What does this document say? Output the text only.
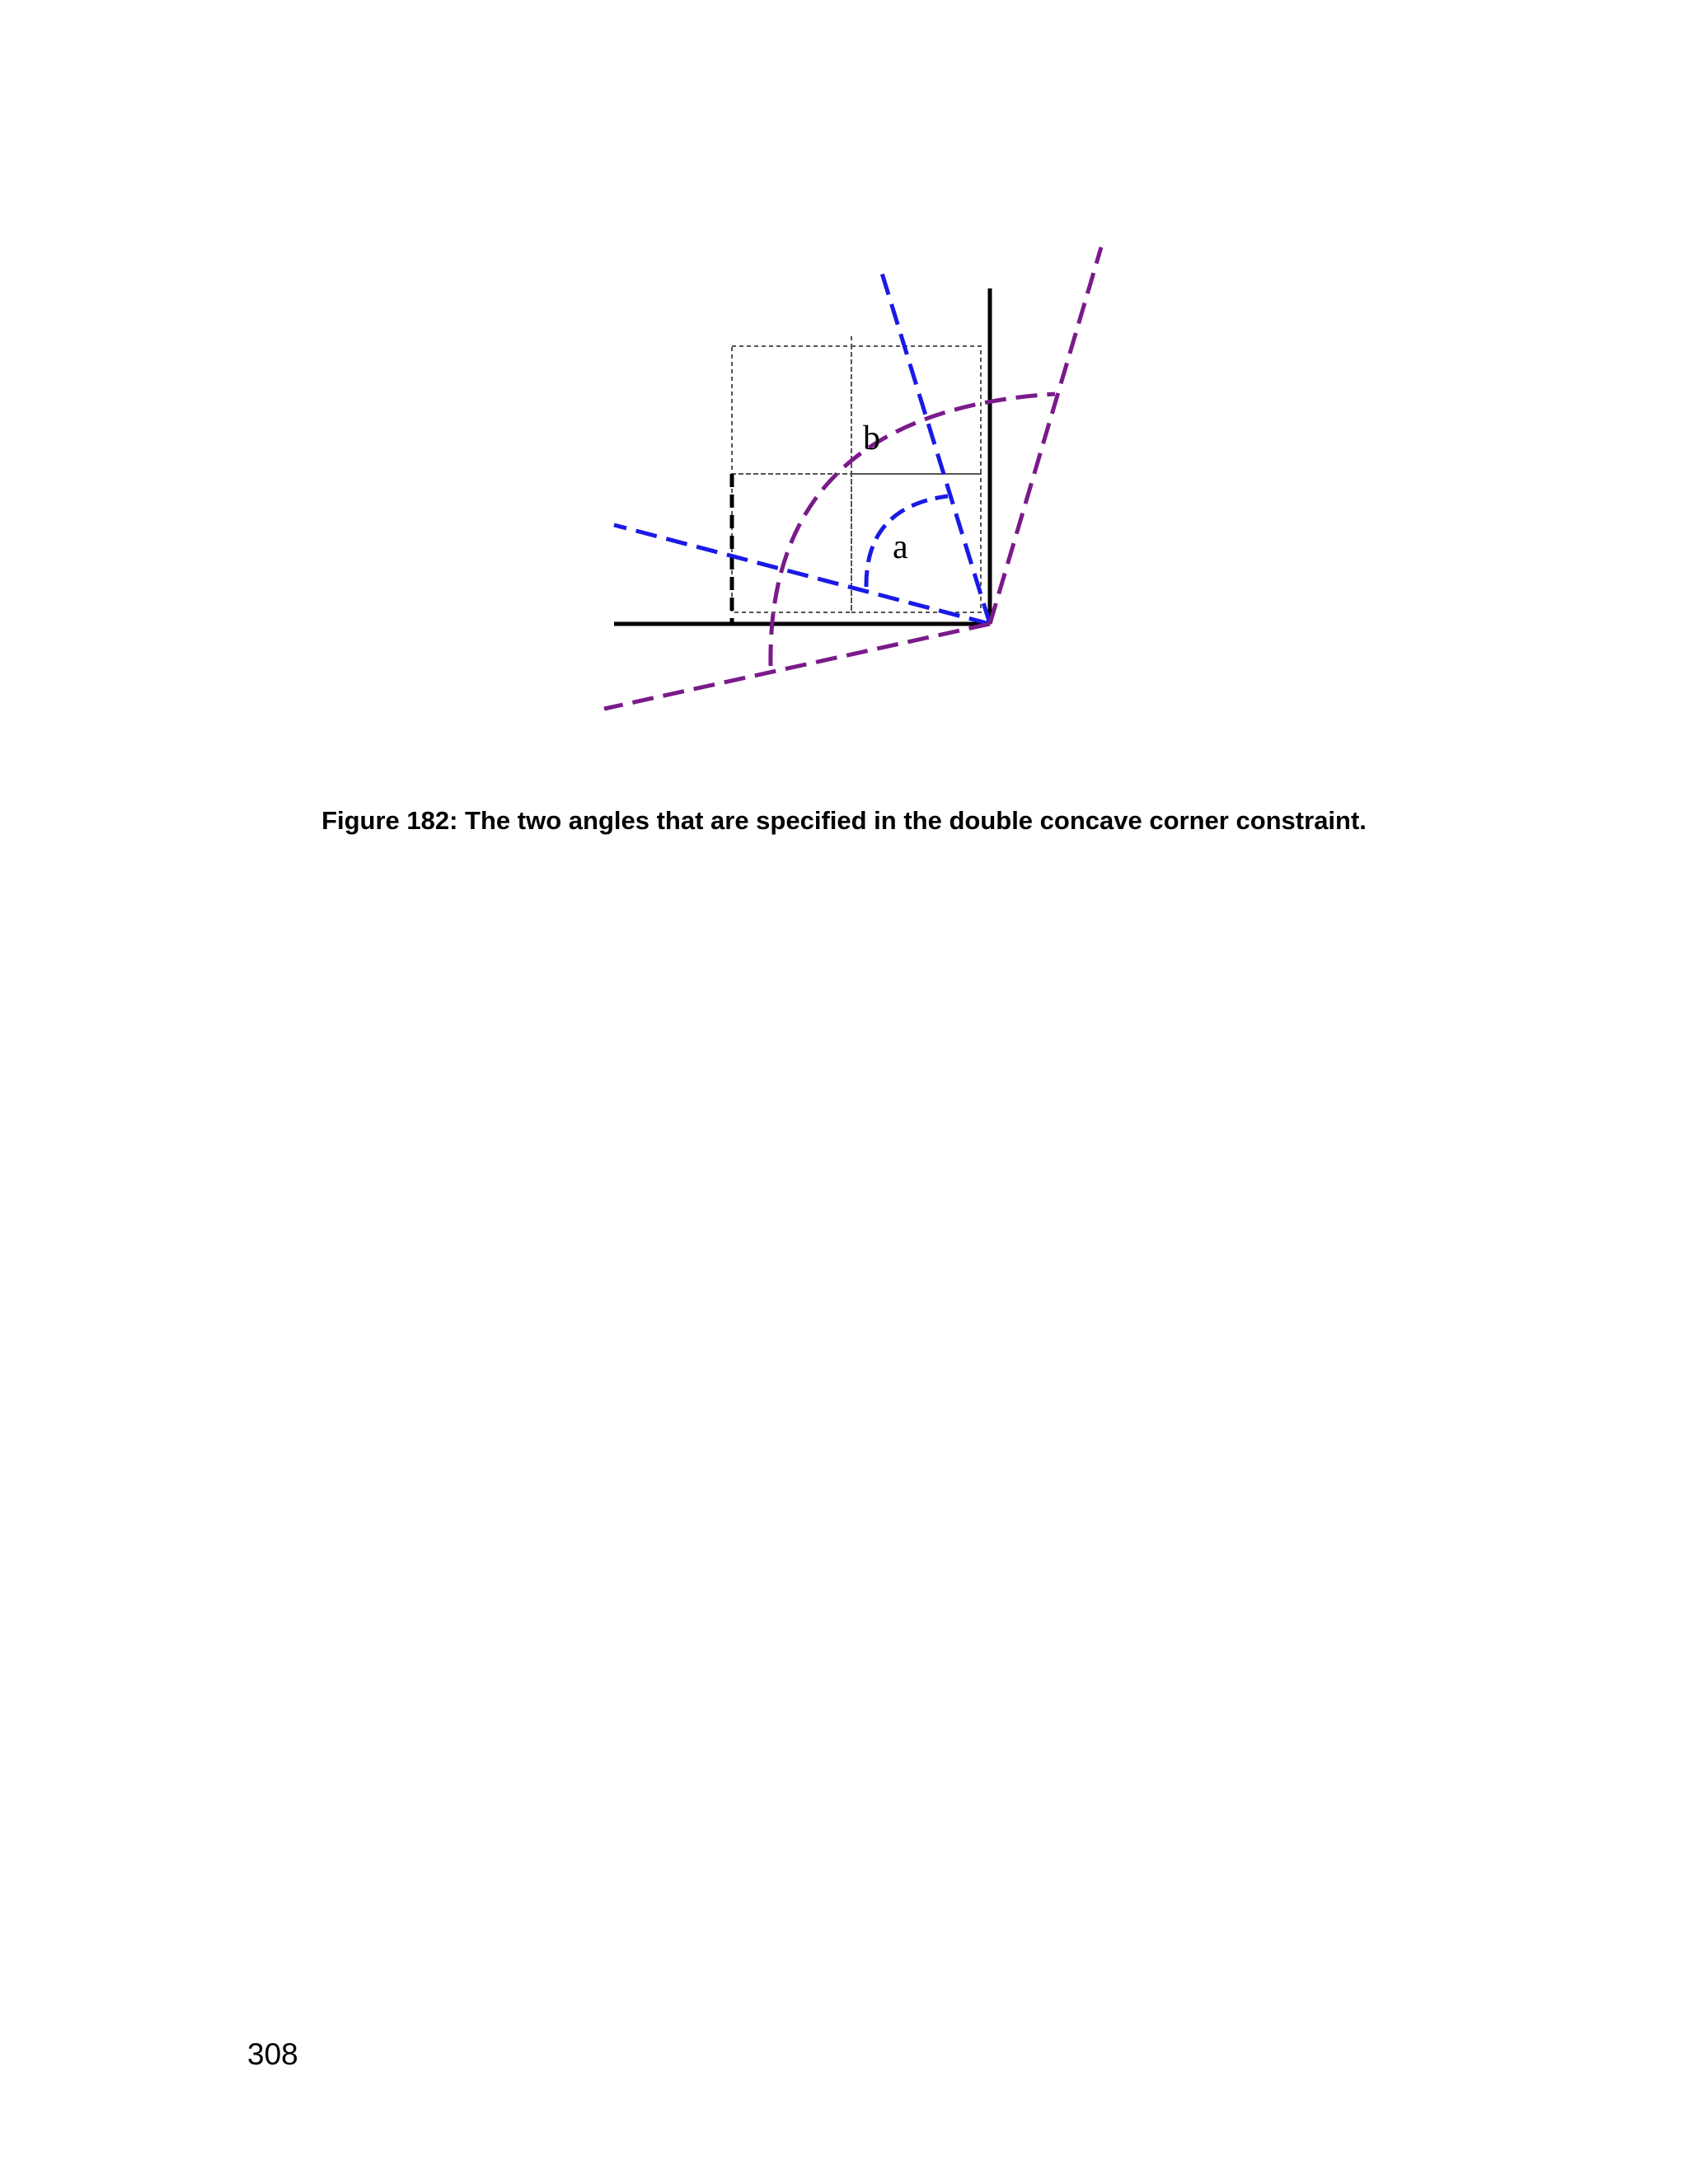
b
a
Figure 182: The two angles that are specified in the double concave corner constraint.
308
